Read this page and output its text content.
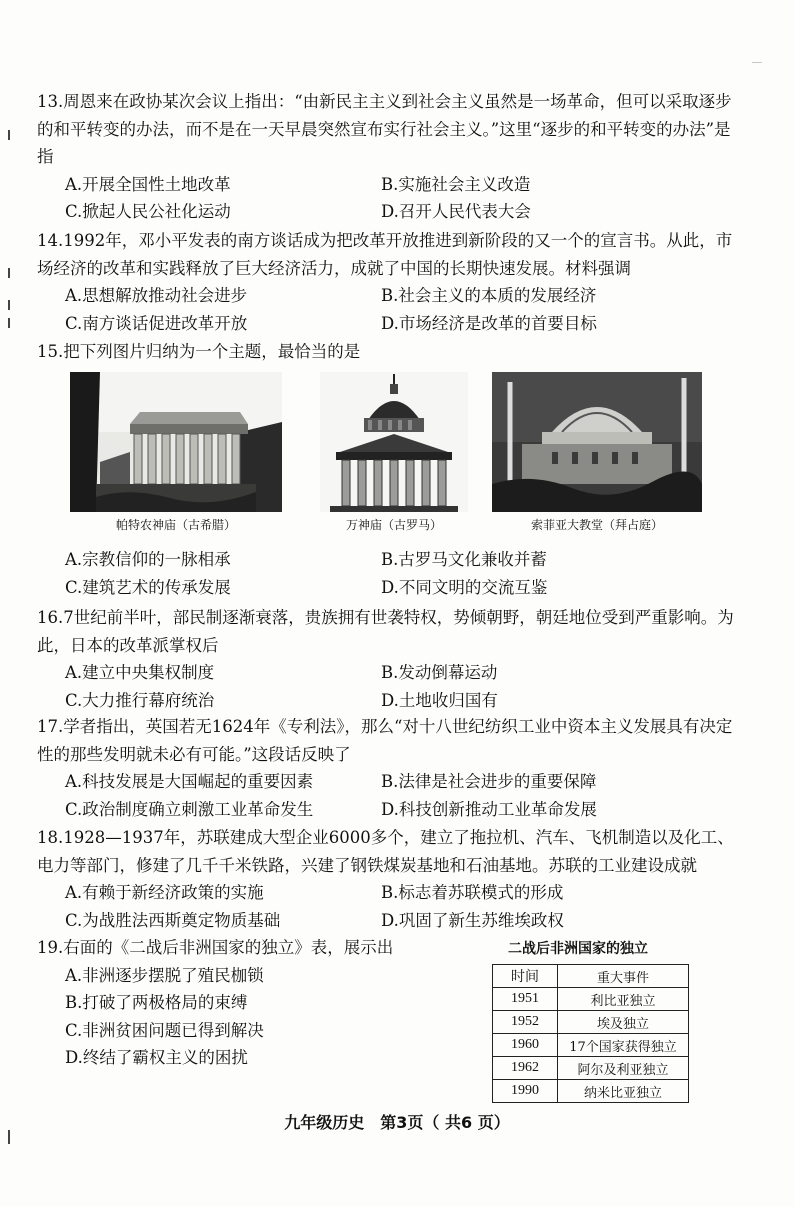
__
13.周恩来在政协某次会议上指出：“由新民主主义到社会主义虽然是一场革命，但可以采取逐步的和平转变的办法，而不是在一天早晨突然宣布实行社会主义。”这里“逐步的和平转变的办法”是指
A.开展全国性土地改革	B.实施社会主义改造
C.掀起人民公社化运动	D.召开人民代表大会
14.1992年，邓小平发表的南方谈话成为把改革开放推进到新阶段的又一个的宣言书。从此，市场经济的改革和实践释放了巨大经济活力，成就了中国的长期快速发展。材料强调
A.思想解放推动社会进步	B.社会主义的本质的发展经济
C.南方谈话促进改革开放	D.市场经济是改革的首要目标
15.把下列图片归纳为一个主题，最恰当的是
帕特农神庙（古希腊）	万神庙（古罗马）	索菲亚大教堂（拜占庭）
A.宗教信仰的一脉相承	B.古罗马文化兼收并蓄
C.建筑艺术的传承发展	D.不同文明的交流互鉴
16.7世纪前半叶，部民制逐渐衰落，贵族拥有世袭特权，势倾朝野，朝廷地位受到严重影响。为此，日本的改革派掌权后
A.建立中央集权制度	B.发动倒幕运动
C.大力推行幕府统治	D.土地收归国有
17.学者指出，英国若无1624年《专利法》，那么“对十八世纪纺织工业中资本主义发展具有决定性的那些发明就未必有可能。”这段话反映了
A.科技发展是大国崛起的重要因素	B.法律是社会进步的重要保障
C.政治制度确立刺激工业革命发生	D.科技创新推动工业革命发展
18.1928—1937年，苏联建成大型企业6000多个，建立了拖拉机、汽车、飞机制造以及化工、电力等部门，修建了几千千米铁路，兴建了钢铁煤炭基地和石油基地。苏联的工业建设成就
A.有赖于新经济政策的实施	B.标志着苏联模式的形成
C.为战胜法西斯奠定物质基础	D.巩固了新生苏维埃政权
19.右面的《二战后非洲国家的独立》表，展示出
A.非洲逐步摆脱了殖民枷锁
B.打破了两极格局的束缚
C.非洲贫困问题已得到解决
D.终结了霸权主义的困扰
二战后非洲国家的独立
时间	重大事件
1951	利比亚独立
1952	埃及独立
1960	17个国家获得独立
1962	阿尔及利亚独立
1990	纳米比亚独立
九年级历史　第3页（ 共6 页）
